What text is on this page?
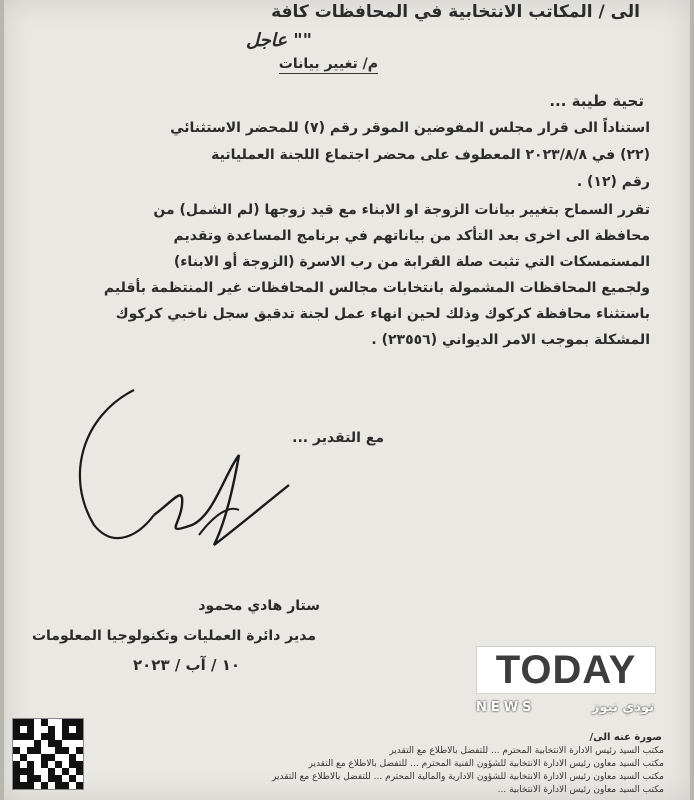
الى / المكاتب الانتخابية في المحافظات كافة
"" عاجل
م/ تغيير بيانات
تحية طيبة ...
استناداً الى قرار مجلس المفوضين الموقر رقم (٧) للمحضر الاستثنائي
(٢٢) في ٢٠٢٣/٨/٨ المعطوف على محضر اجتماع اللجنة العملياتية
رقم (١٢) .
تقرر السماح بتغيير بيانات الزوجة او الابناء مع قيد زوجها (لم الشمل) من
محافظة الى اخرى بعد التأكد من بياناتهم في برنامج المساعدة وتقديم
المستمسكات التي تثبت صلة القرابة من رب الاسرة (الزوجة أو الابناء)
ولجميع المحافظات المشمولة بانتخابات مجالس المحافظات غير المنتظمة بأقليم
باستثناء محافظة كركوك وذلك لحين انهاء عمل لجنة تدقيق سجل ناخبي كركوك
المشكلة بموجب الامر الديواني (٢٣٥٥٦) .
مع التقدير ...
ستار هادي محمود
مدير دائرة العمليات وتكنولوجيا المعلومات
١٠ / آب / ٢٠٢٣	TODAY
NEWS	تودي نيوز
صورة عنه الى/
مكتب السيد رئيس الادارة الانتخابية المحترم ... للتفضل بالاطلاع مع التقدير
مكتب السيد معاون رئيس الادارة الانتخابية للشؤون الفنية المحترم ... للتفضل بالاطلاع مع التقدير
مكتب السيد معاون رئيس الادارة الانتخابية للشؤون الادارية والمالية المحترم ... للتفضل بالاطلاع مع التقدير
مكتب السيد معاون رئيس الادارة الانتخابية ...
